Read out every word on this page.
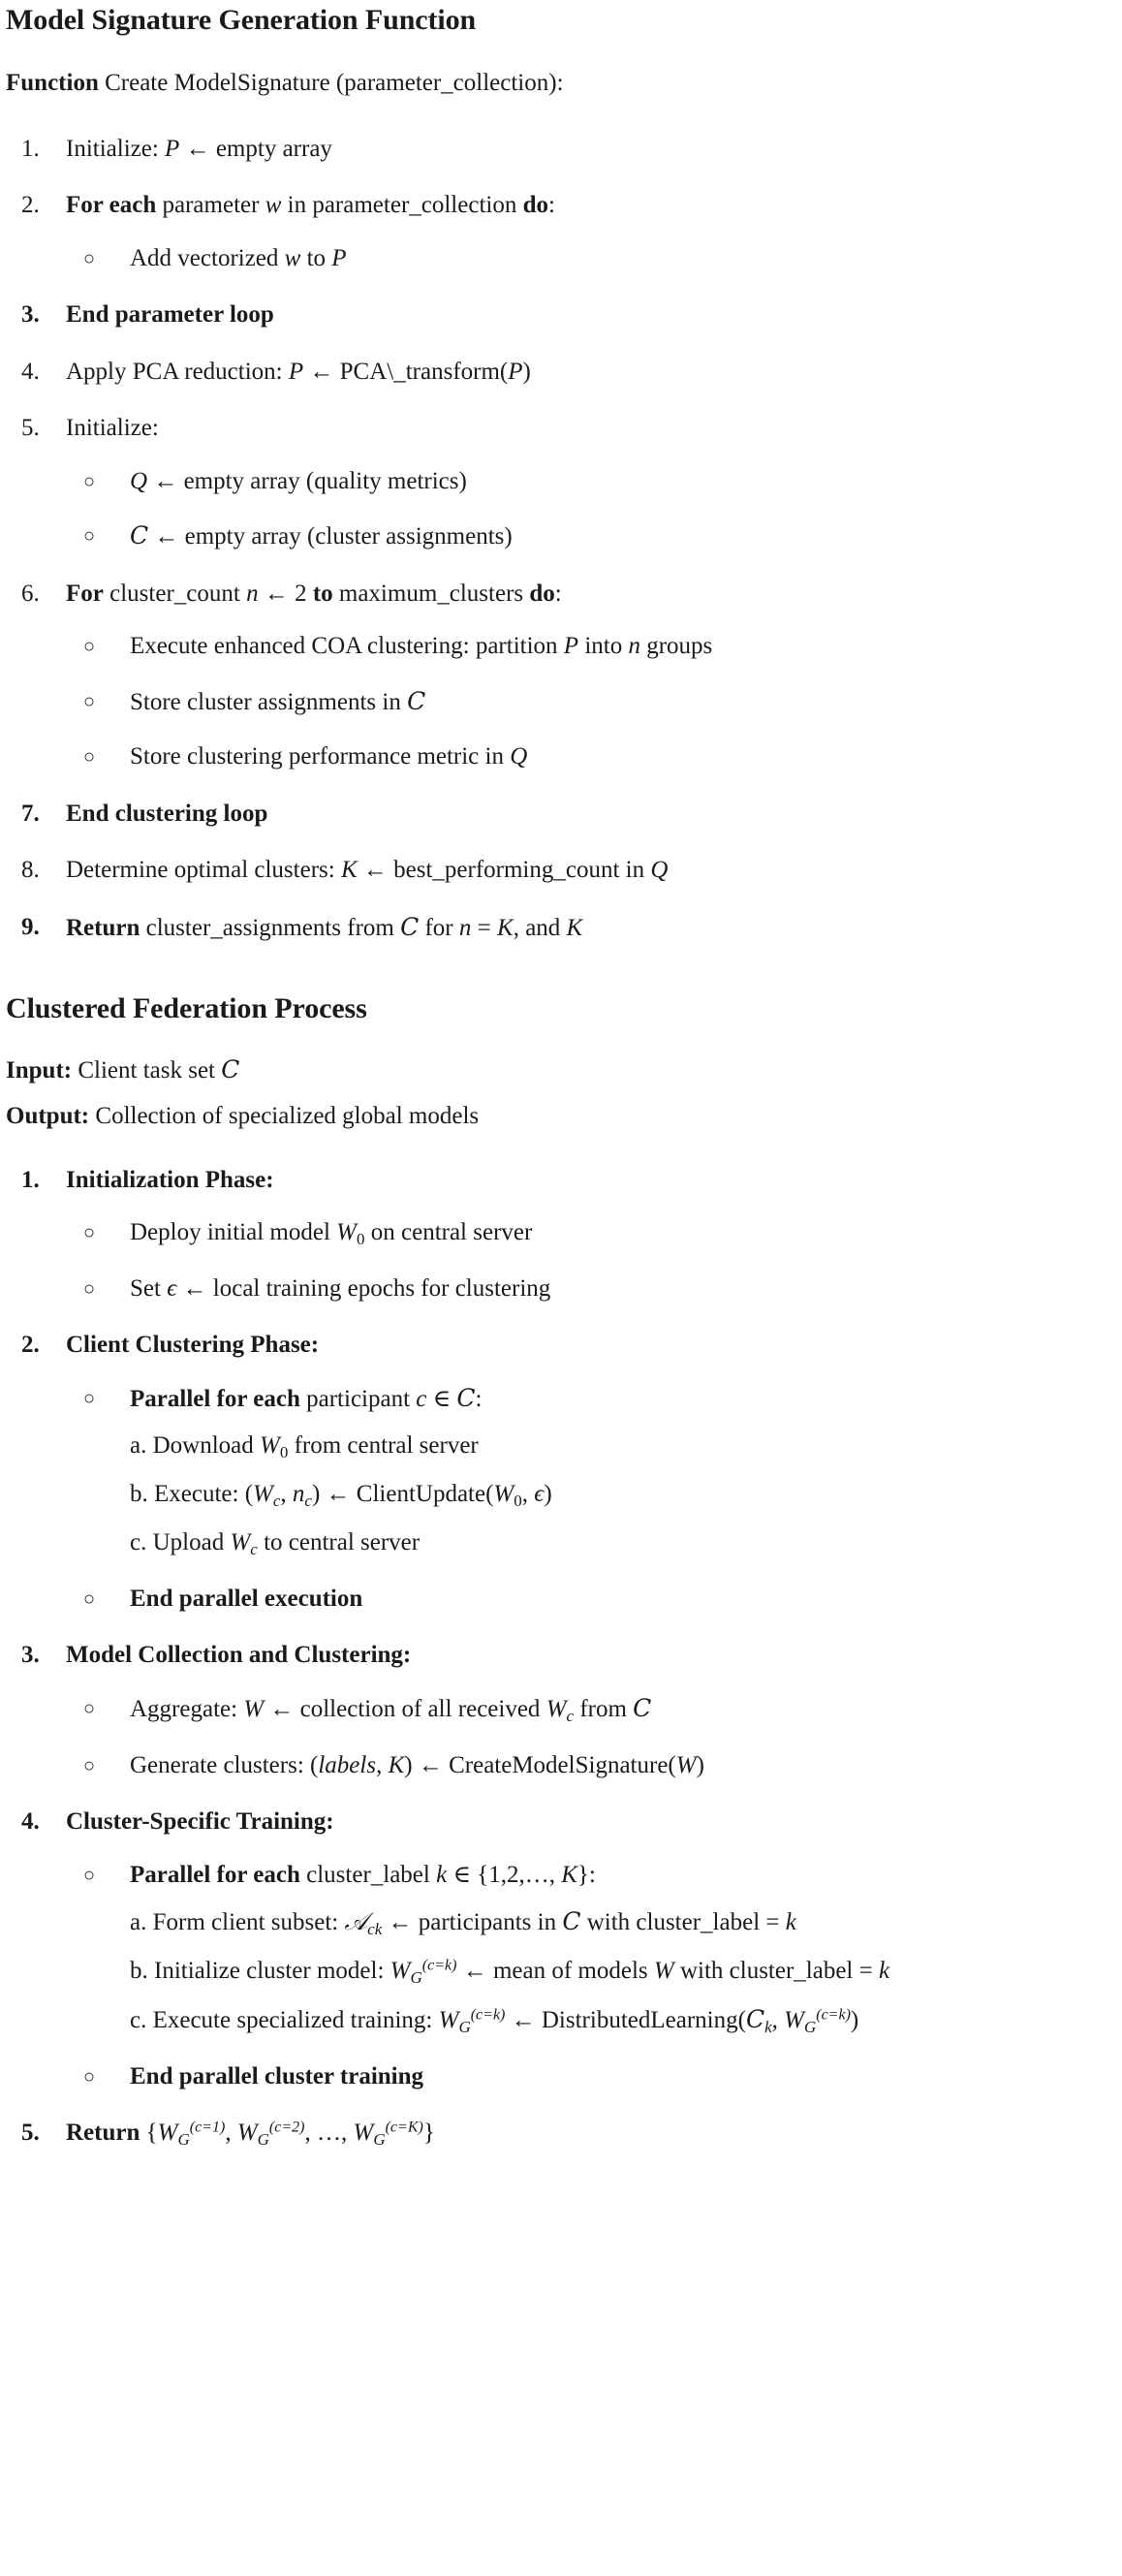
Model Signature Generation Function

Function Create ModelSignature (parameter_collection):

1.	Initialize: P ← empty array
2.	For each parameter w in parameter_collection do:
○ Add vectorized w to P
3.	End parameter loop
4.	Apply PCA reduction: P ← PCA\_transform(P)
5.	Initialize:
○ Q ← empty array (quality metrics)
○ C ← empty array (cluster assignments)
6.	For cluster_count n ← 2 to maximum_clusters do:
○ Execute enhanced COA clustering: partition P into n groups
○ Store cluster assignments in C
○ Store clustering performance metric in Q
7.	End clustering loop
8.	Determine optimal clusters: K ← best_performing_count in Q
9.	Return cluster_assignments from C for n = K, and K
Clustered Federation Process

Input: Client task set C

Output: Collection of specialized global models

1.	Initialization Phase:
○ Deploy initial model W0 on central server
○ Set ϵ ← local training epochs for clustering
2.	Client Clustering Phase:
○ Parallel for each participant c ∈ C:
a. Download W0 from central server
b. Execute: ($W_c$, $n_c$) ← ClientUpdate(W0, ϵ)
c. Upload $W_c$ to central server
○ End parallel execution
3.	Model Collection and Clustering:
○ Aggregate: W ← collection of all received $W_c$ from C
○ Generate clusters: (labels, K) ← CreateModelSignature(W)
4.	Cluster-Specific Training:
○ Parallel for each cluster_label k ∈ {1,2,…, K}:
a. Form client subset: 𝒜$_{ck}$ ← participants in C with cluster_label = k
b. Initialize cluster model: $W_G^{(c=k)}$ ← mean of models W with cluster_label = k
c. Execute specialized training: $W_G^{(c=k)}$ ← $DistributedLearning(C_k$, $W_G^{(c=k)}$)
○ End parallel cluster training
5.	Return {$W_G^{(c=1)}$, $W_G^{(c=2)}$, …, $W_G^{(c=K)}$}
